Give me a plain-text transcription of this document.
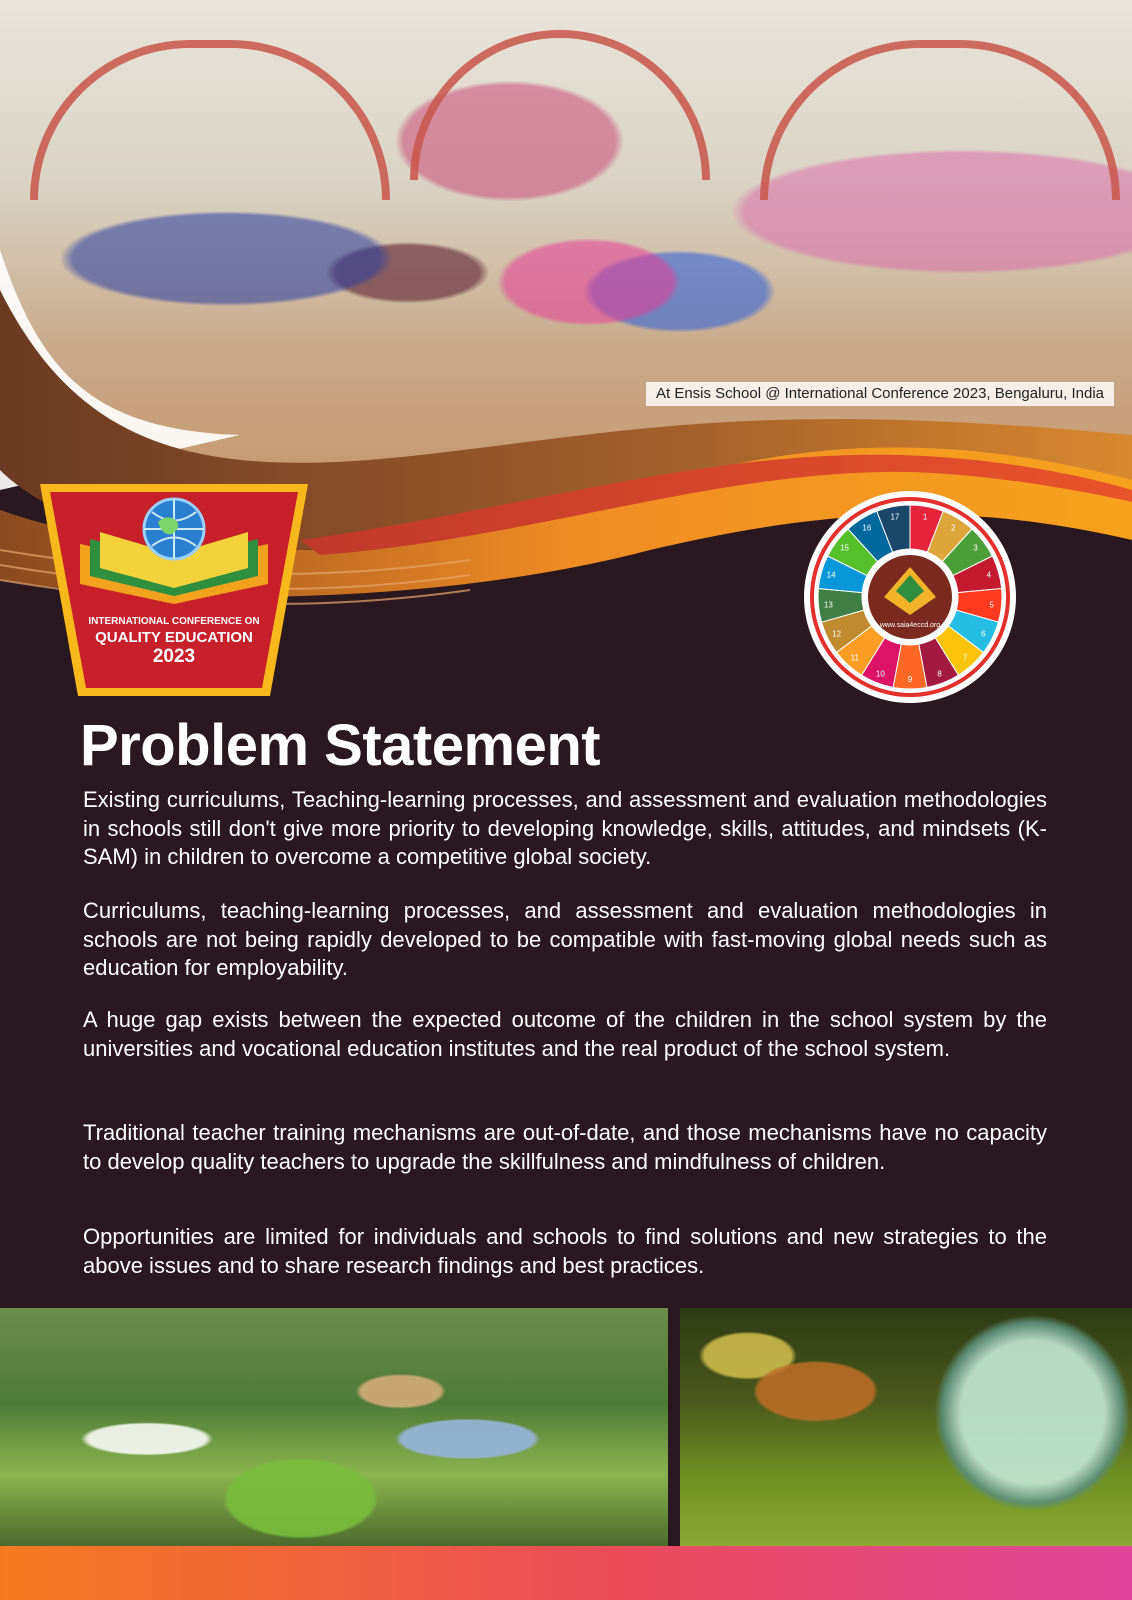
At Ensis School @ International Conference 2023, Bengaluru, India
INTERNATIONAL CONFERENCE ON
QUALITY EDUCATION
2023
1
2
3
4
5
6
7
8
9
10
11
12
13
14
15
16
17
www.saia4eccd.org
Problem Statement
Existing curriculums, Teaching-learning processes, and assessment and evaluation methodologies in schools still don't give more priority to developing knowledge, skills, attitudes, and mindsets (K-SAM) in children to overcome a competitive global society.
Curriculums, teaching-learning processes, and assessment and evaluation methodologies in schools are not being rapidly developed to be compatible with fast-moving global needs such as education for employability.
A huge gap exists between the expected outcome of the children in the school system by the universities and vocational education institutes and the real product of the school system.
Traditional teacher training mechanisms are out-of-date, and those mechanisms have no capacity to develop quality teachers to upgrade the skillfulness and mindfulness of children.
Opportunities are limited for individuals and schools to find solutions and new strategies to the above issues and to share research findings and best practices.
